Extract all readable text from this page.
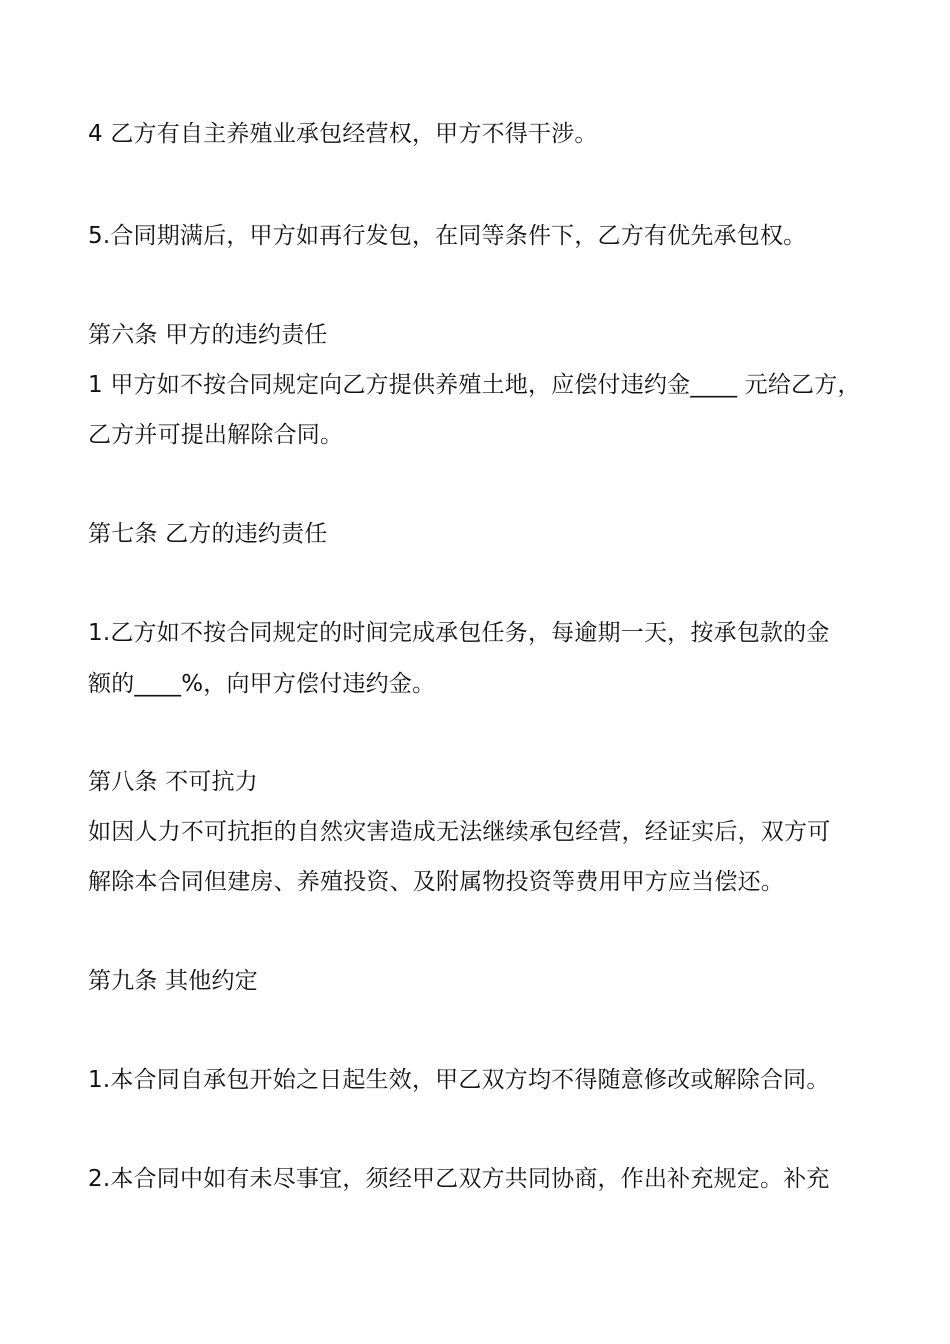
4 乙方有自主养殖业承包经营权，甲方不得干涉。
5.合同期满后，甲方如再行发包，在同等条件下，乙方有优先承包权。
第六条 甲方的违约责任
1 甲方如不按合同规定向乙方提供养殖土地，应偿付违约金____ 元给乙方，
乙方并可提出解除合同。
第七条 乙方的违约责任
1.乙方如不按合同规定的时间完成承包任务，每逾期一天，按承包款的金
额的____%，向甲方偿付违约金。
第八条 不可抗力
如因人力不可抗拒的自然灾害造成无法继续承包经营，经证实后，双方可
解除本合同但建房、养殖投资、及附属物投资等费用甲方应当偿还。
第九条 其他约定
1.本合同自承包开始之日起生效，甲乙双方均不得随意修改或解除合同。
2.本合同中如有未尽事宜，须经甲乙双方共同协商，作出补充规定。补充
